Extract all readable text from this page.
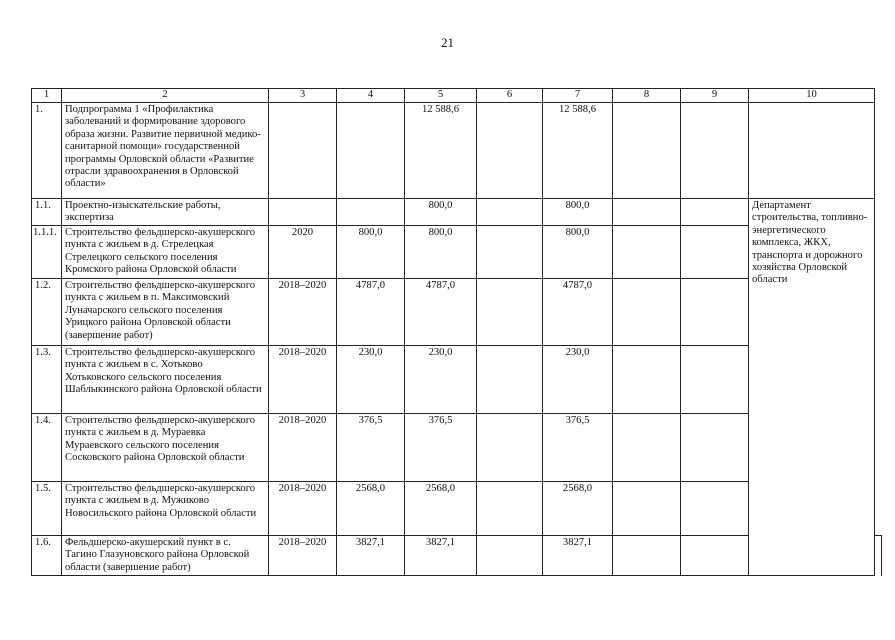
21
1	2	3	4	5	6	7	8	9	10	
1.	Подпрограмма 1 «Профилактика заболеваний и формирование здорового образа жизни. Развитие первичной медико-санитарной помощи» государственной программы Орловской области «Развитие отрасли здравоохранения в Орловской области»			12 588,6		12 588,6				
1.1.	Проектно-изыскательские работы, экспертиза			800,0		800,0			Департамент строительства, топливно-энергетического комплекса, ЖКХ, транспорта и дорожного хозяйства Орловской области	
1.1.1.	Строительство фельдшерско-акушерского пункта с жильем в д. Стрелецкая Стрелецкого сельского поселения Кромского района Орловской области	2020	800,0	800,0		800,0				
1.2.	Строительство фельдшерско-акушерского пункта с жильем в п. Максимовский Луначарского сельского поселения Урицкого района Орловской области (завершение работ)	2018–2020	4787,0	4787,0		4787,0				
1.3.	Строительство фельдшерско-акушерского пункта с жильем в с. Хотьково Хотьковского сельского поселения Шаблыкинского района Орловской области	2018–2020	230,0	230,0		230,0				
1.4.	Строительство фельдшерско-акушерского пункта с жильем в д. Мураевка Мураевского сельского поселения Сосковского района Орловской области	2018–2020	376,5	376,5		376,5				
1.5.	Строительство фельдшерско-акушерского пункта с жильем в д. Мужиково Новосильского района Орловской области	2018–2020	2568,0	2568,0		2568,0				
1.6.	Фельдшерско-акушерский пункт в с. Тагино Глазуновского района Орловской области (завершение работ)	2018–2020	3827,1	3827,1		3827,1				
